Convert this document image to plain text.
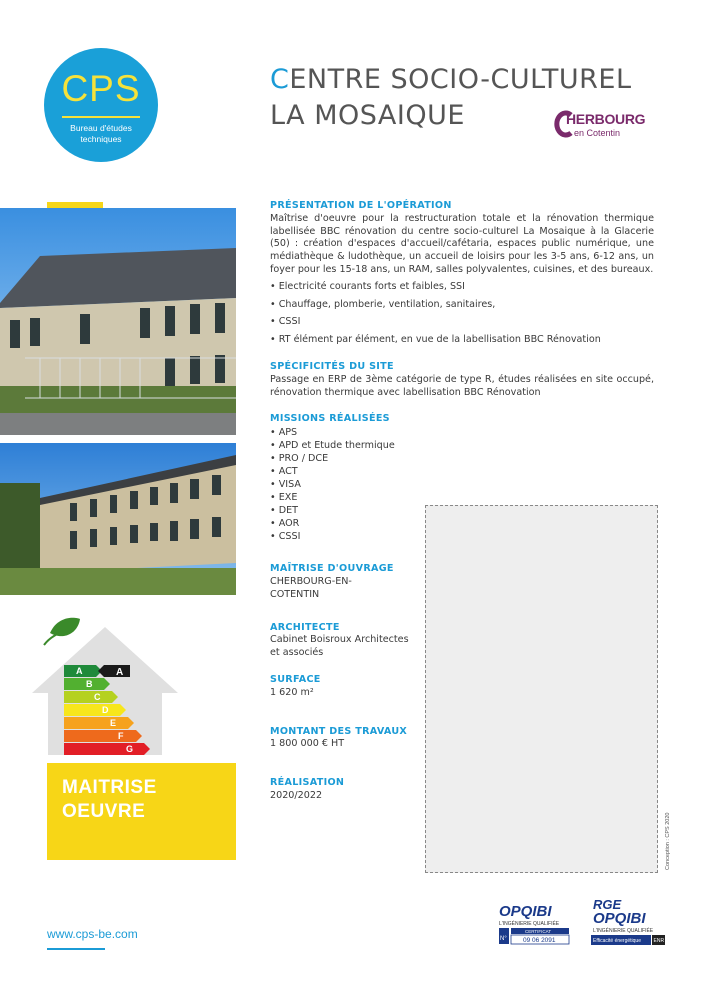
CPS
Bureau d'études
techniques
CENTRE SOCIO-CULTUREL
LA MOSAIQUE	HERBOURG
en Cotentin
A
B
C
D
E
F
G
A
MAITRISE
OEUVRE
www.cps-be.com
PRÉSENTATION DE L'OPÉRATION
Maîtrise d'oeuvre pour la restructuration totale et la rénovation thermique labellisée BBC rénovation du centre socio-culturel La Mosaique à la Glacerie (50) : création d'espaces d'accueil/cafétaria, espaces public numérique, une médiathèque & ludothèque, un accueil de loisirs pour les 3-5 ans, 6-12 ans, un foyer pour les 15-18 ans, un RAM, salles polyvalentes, cuisines, et des bureaux.
• Electricité courants forts et faibles, SSI
• Chauffage, plomberie, ventilation, sanitaires,
• CSSI
• RT élément par élément, en vue de la labellisation BBC Rénovation
SPÉCIFICITÉS DU SITE
Passage en ERP de 3ème catégorie de type R, études réalisées en site occupé, rénovation thermique avec labellisation BBC Rénovation
MISSIONS RÉALISÉES
• APS
• APD et Etude thermique
• PRO / DCE
• ACT
• VISA
• EXE
• DET
• AOR
• CSSI
MAÎTRISE D'OUVRAGE
CHERBOURG-EN-
COTENTIN
ARCHITECTE
Cabinet Boisroux Architectes
et associés
SURFACE
1 620 m²
MONTANT DES TRAVAUX
1 800 000 € HT
RÉALISATION
2020/2022
Conception : CPS 2020
OPQIBI
L'INGÉNIERIE QUALIFIÉE
N°
CERTIFICAT
09 06 2091
RGE
OPQIBI
L'INGÉNIERIE QUALIFIÉE
Efficacité énergétique	ENR
